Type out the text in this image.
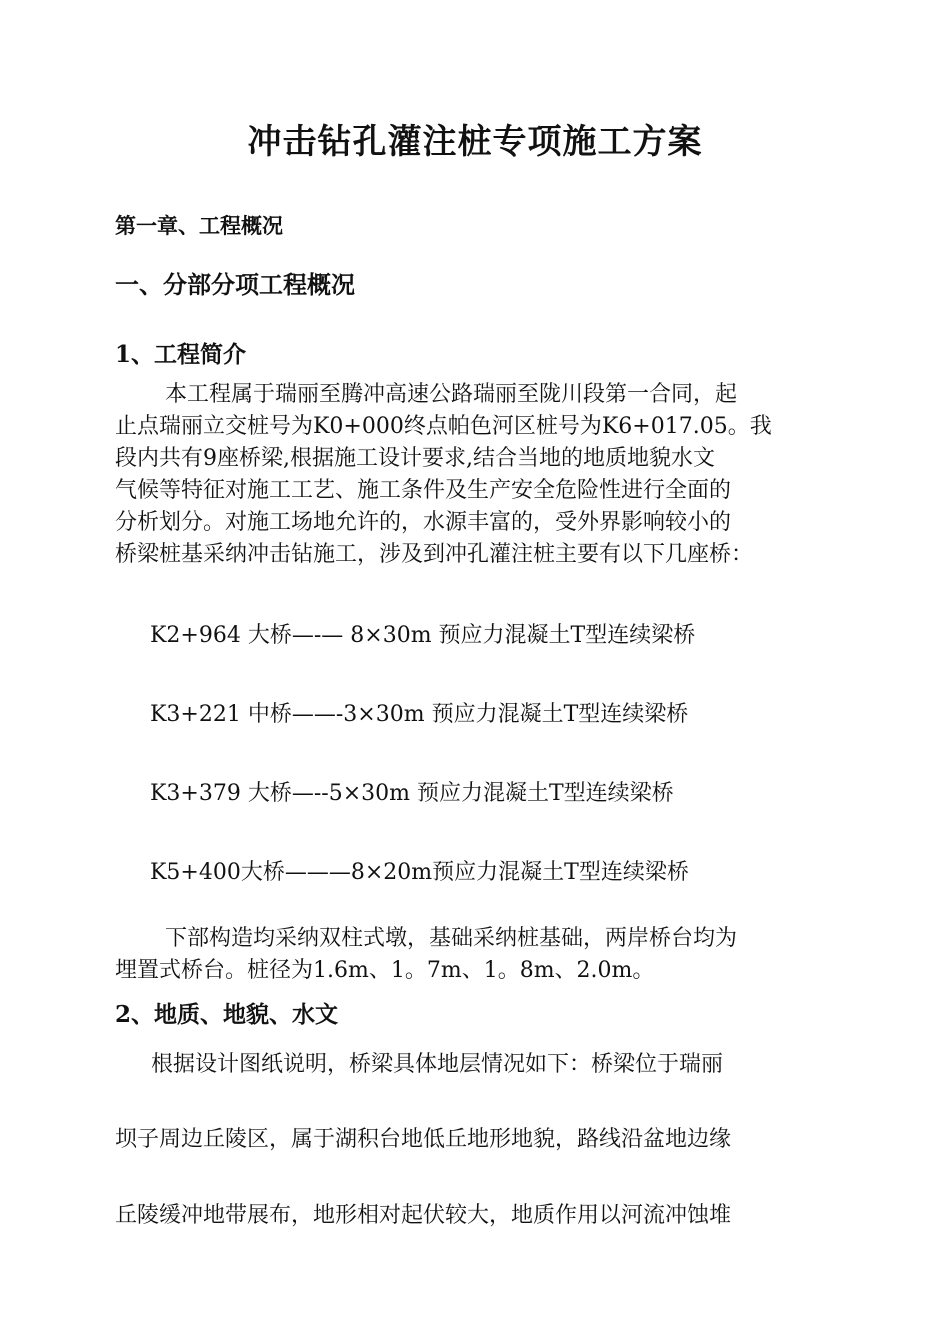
冲击钻孔灌注桩专项施工方案
第一章、工程概况
一、分部分项工程概况
1、工程简介
本工程属于瑞丽至腾冲高速公路瑞丽至陇川段第一合同，起
止点瑞丽立交桩号为K0+000终点帕色河区桩号为K6+017.05。我
段内共有9座桥梁,根据施工设计要求,结合当地的地质地貌水文
气候等特征对施工工艺、施工条件及生产安全危险性进行全面的
分析划分。对施工场地允许的，水源丰富的，受外界影响较小的
桥梁桩基采纳冲击钻施工，涉及到冲孔灌注桩主要有以下几座桥：
K2+964 大桥—-— 8×30m 预应力混凝土T型连续梁桥
K3+221 中桥——-3×30m 预应力混凝土T型连续梁桥
K3+379 大桥—--5×30m 预应力混凝土T型连续梁桥
K5+400大桥———8×20m预应力混凝土T型连续梁桥
下部构造均采纳双柱式墩，基础采纳桩基础，两岸桥台均为
埋置式桥台。桩径为1.6m、1。7m、1。8m、2.0m。
2、地质、地貌、水文
根据设计图纸说明，桥梁具体地层情况如下：桥梁位于瑞丽
坝子周边丘陵区，属于湖积台地低丘地形地貌，路线沿盆地边缘
丘陵缓冲地带展布，地形相对起伏较大，地质作用以河流冲蚀堆
